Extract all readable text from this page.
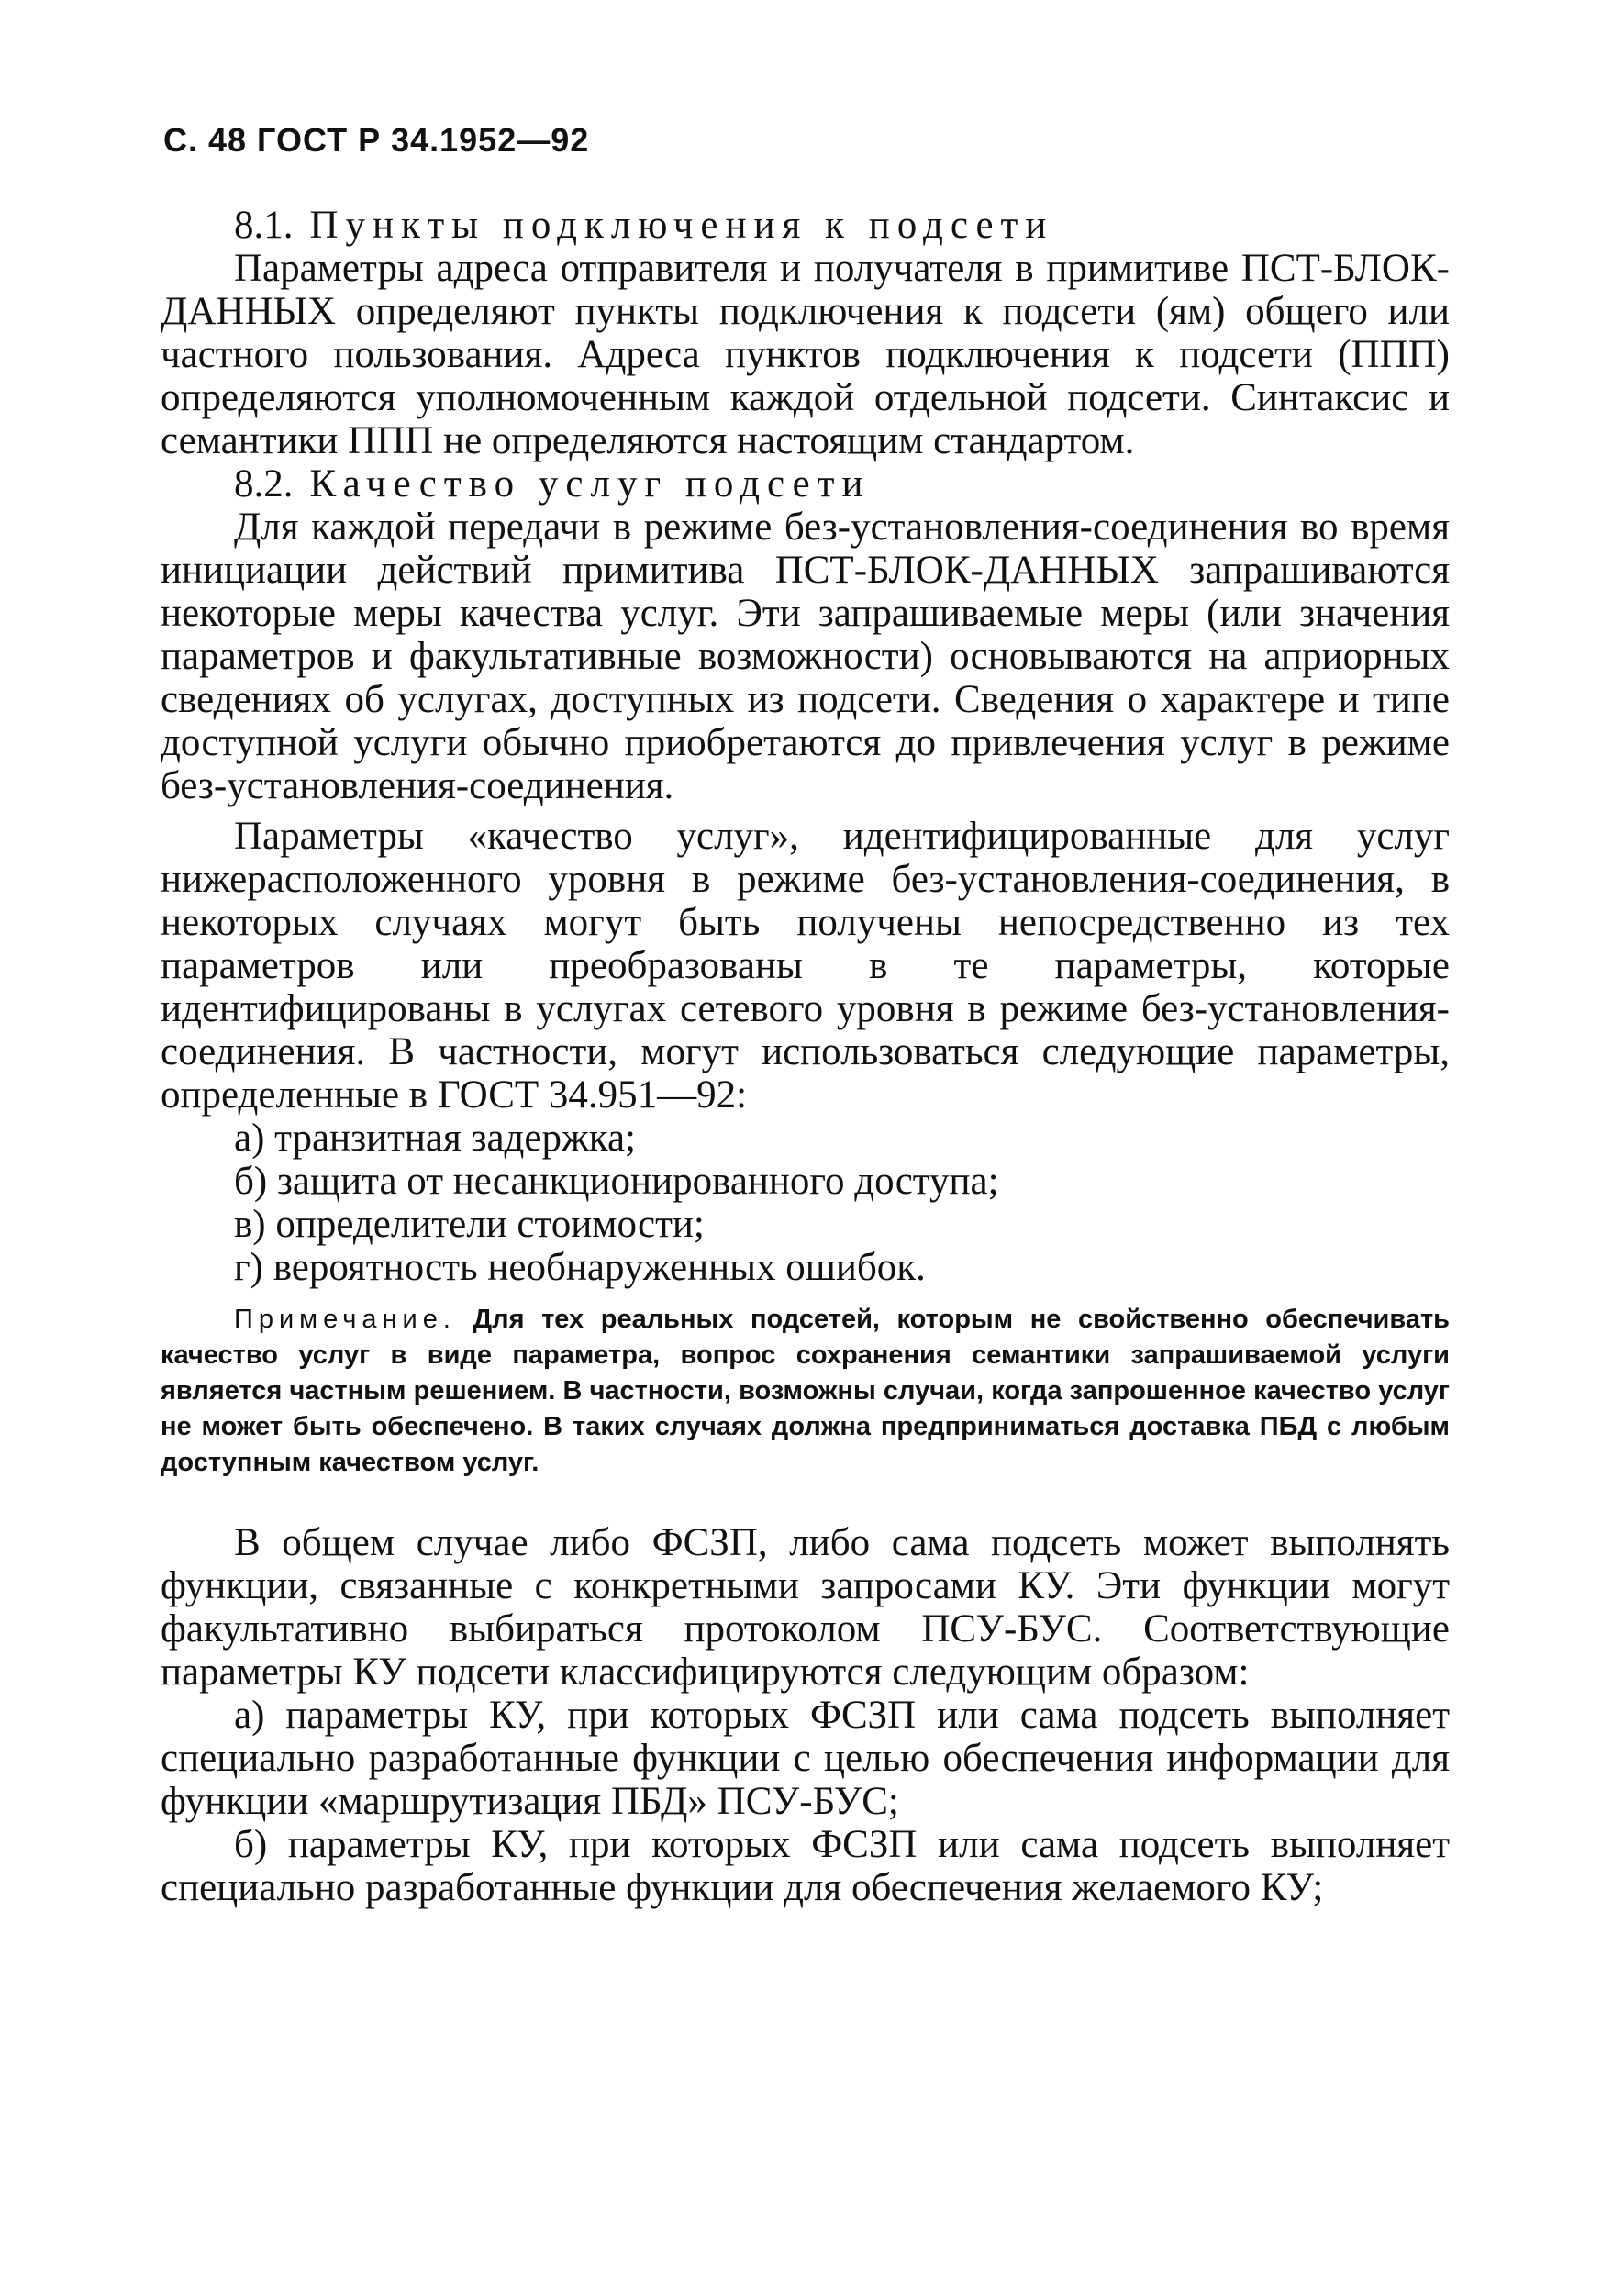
С. 48 ГОСТ Р 34.1952—92

8.1. Пункты подключения к подсети

Параметры адреса отправителя и получателя в примитиве ПСТ-БЛОК-ДАННЫХ определяют пункты подключения к подсети (ям) общего или частного пользования. Адреса пунктов подключения к подсети (ППП) определяются уполномоченным каждой отдельной подсети. Синтаксис и семантики ППП не определяются настоящим стандартом.

8.2. Качество услуг подсети

Для каждой передачи в режиме без-установления-соединения во время инициации действий примитива ПСТ-БЛОК-ДАННЫХ запрашиваются некоторые меры качества услуг. Эти запрашиваемые меры (или значения параметров и факультативные возможности) основываются на априорных сведениях об услугах, доступных из подсети. Сведения о характере и типе доступной услуги обычно приобретаются до привлечения услуг в режиме без-установления-соединения.

Параметры «качество услуг», идентифицированные для услуг нижерасположенного уровня в режиме без-установления-соединения, в некоторых случаях могут быть получены непосредственно из тех параметров или преобразованы в те параметры, которые идентифицированы в услугах сетевого уровня в режиме без-установления-соединения. В частности, могут использоваться следующие параметры, определенные в ГОСТ 34.951—92:

а) транзитная задержка;
б) защита от несанкционированного доступа;
в) определители стоимости;
г) вероятность необнаруженных ошибок.

Примечание. Для тех реальных подсетей, которым не свойственно обеспечивать качество услуг в виде параметра, вопрос сохранения семантики запрашиваемой услуги является частным решением. В частности, возможны случаи, когда запрошенное качество услуг не может быть обеспечено. В таких случаях должна предприниматься доставка ПБД с любым доступным качеством услуг.

В общем случае либо ФСЗП, либо сама подсеть может выполнять функции, связанные с конкретными запросами КУ. Эти функции могут факультативно выбираться протоколом ПСУ-БУС. Соответствующие параметры КУ подсети классифицируются следующим образом:

а) параметры КУ, при которых ФСЗП или сама подсеть выполняет специально разработанные функции с целью обеспечения информации для функции «маршрутизация ПБД» ПСУ-БУС;

б) параметры КУ, при которых ФСЗП или сама подсеть выполняет специально разработанные функции для обеспечения желаемого КУ;
